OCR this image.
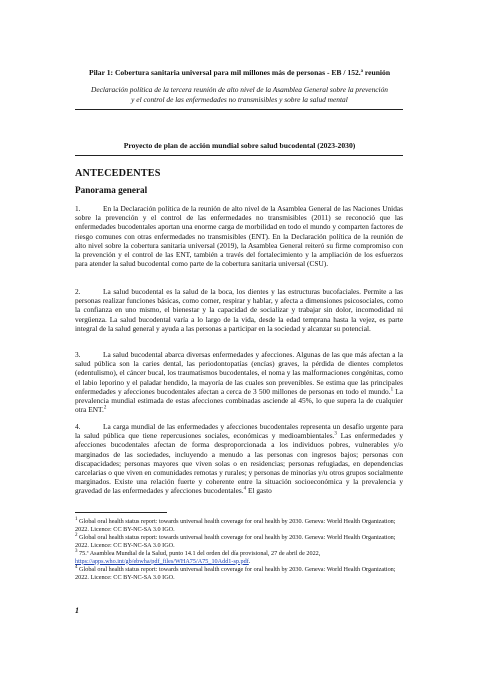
Pilar 1: Cobertura sanitaria universal para mil millones más de personas - EB / 152.ª reunión
Declaración política de la tercera reunión de alto nivel de la Asamblea General sobre la prevención
y el control de las enfermedades no transmisibles y sobre la salud mental
Proyecto de plan de acción mundial sobre salud bucodental (2023-2030)
ANTECEDENTES
Panorama general
1.	En la Declaración política de la reunión de alto nivel de la Asamblea General de las Naciones Unidas sobre la prevención y el control de las enfermedades no transmisibles (2011) se reconoció que las enfermedades bucodentales aportan una enorme carga de morbilidad en todo el mundo y comparten factores de riesgo comunes con otras enfermedades no transmisibles (ENT). En la Declaración política de la reunión de alto nivel sobre la cobertura sanitaria universal (2019), la Asamblea General reiteró su firme compromiso con la prevención y el control de las ENT, también a través del fortalecimiento y la ampliación de los esfuerzos para atender la salud bucodental como parte de la cobertura sanitaria universal (CSU).
2.	La salud bucodental es la salud de la boca, los dientes y las estructuras bucofaciales. Permite a las personas realizar funciones básicas, como comer, respirar y hablar, y afecta a dimensiones psicosociales, como la confianza en uno mismo, el bienestar y la capacidad de socializar y trabajar sin dolor, incomodidad ni vergüenza. La salud bucodental varía a lo largo de la vida, desde la edad temprana hasta la vejez, es parte integral de la salud general y ayuda a las personas a participar en la sociedad y alcanzar su potencial.
3.	La salud bucodental abarca diversas enfermedades y afecciones. Algunas de las que más afectan a la salud pública son la caries dental, las periodontopatías (encías) graves, la pérdida de dientes completos (edentulismo), el cáncer bucal, los traumatismos bucodentales, el noma y las malformaciones congénitas, como el labio leporino y el paladar hendido, la mayoría de las cuales son prevenibles. Se estima que las principales enfermedades y afecciones bucodentales afectan a cerca de 3 500 millones de personas en todo el mundo.$^1$ La prevalencia mundial estimada de estas afecciones combinadas asciende al 45%, lo que supera la de cualquier otra ENT.$^2$
4.	La carga mundial de las enfermedades y afecciones bucodentales representa un desafío urgente para la salud pública que tiene repercusiones sociales, económicas y medioambientales.$^3$ Las enfermedades y afecciones bucodentales afectan de forma desproporcionada a los individuos pobres, vulnerables y/o marginados de las sociedades, incluyendo a menudo a las personas con ingresos bajos; personas con discapacidades; personas mayores que viven solas o en residencias; personas refugiadas, en dependencias carcelarias o que viven en comunidades remotas y rurales; y personas de minorías y/u otros grupos socialmente marginados. Existe una relación fuerte y coherente entre la situación socioeconómica y la prevalencia y gravedad de las enfermedades y afecciones bucodentales.$^4$ El gasto
$^1$ Global oral health status report: towards universal health coverage for oral health by 2030. Geneva: World Health Organization; 2022. Licence: CC BY-NC-SA 3.0 IGO.
$^2$ Global oral health status report: towards universal health coverage for oral health by 2030. Geneva: World Health Organization; 2022. Licence: CC BY-NC-SA 3.0 IGO.
$^3$ 75.ª Asamblea Mundial de la Salud, punto 14.1 del orden del día provisional, 27 de abril de 2022,
https://apps.who.int/gb/ebwha/pdf_files/WHA75/A75_10Add1-sp.pdf.
$^4$ Global oral health status report: towards universal health coverage for oral health by 2030. Geneva: World Health Organization; 2022. Licence: CC BY-NC-SA 3.0 IGO.
1
